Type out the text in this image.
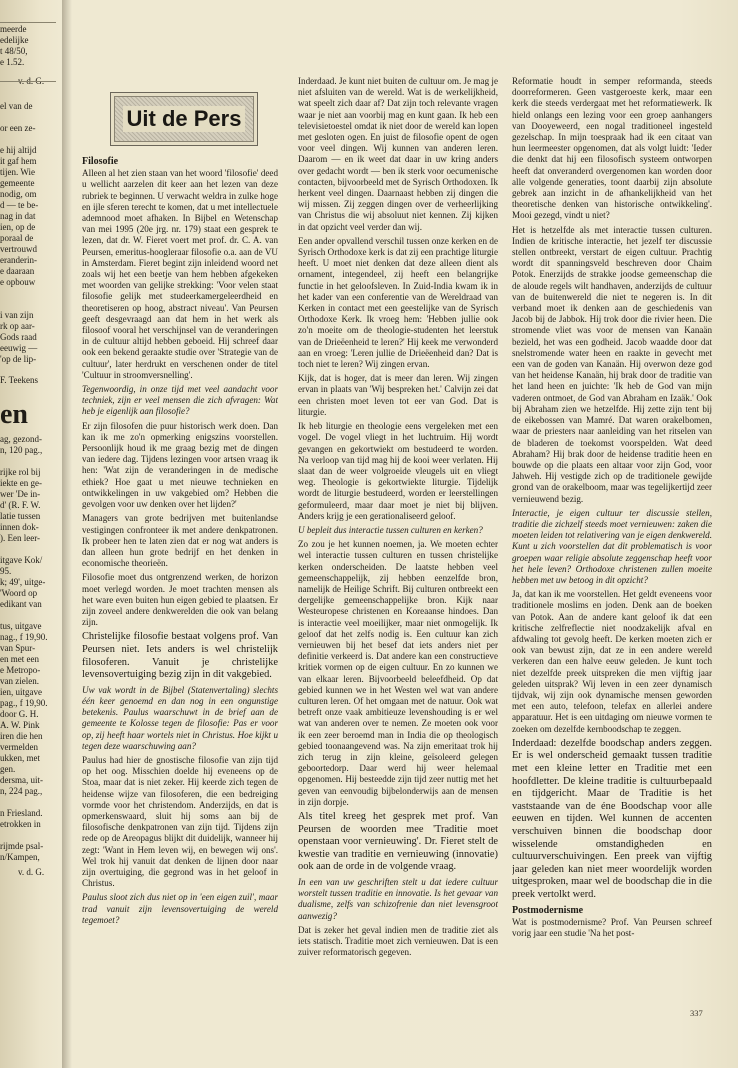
meerde
edelijke
t 48/50,
e 1.52.
v. d. G.
el van de
or een ze-
e hij altijd
it gaf hem
tijen. Wie
gemeente
nodig, om
d — te be-
nag in dat
ien, op de
poraal de
vertrouwd
eranderin-
e daaraan
e opbouw
i van zijn
rk op aar-
Gods raad
eeuwig —
'op de lip-
F. Teekens
en
ag, gezond-
n, 120 pag.,
rijke rol bij
iekte en ge-
wer 'De in-
d' (R. F. W.
latie tussen
innen dok-
). Een leer-
itgave Kok/
95.
k; 49', uitge-
'Woord op
edikant van
tus, uitgave
nag., f 19,90.
van Spur-
en met een
e Metropo-
van zielen.
ien, uitgave
pag., f 19,90.
door G. H.
A. W. Pink
iren die hen
vermelden
ukken, met
gen.
dersma, uit-
n, 224 pag.,
n Friesland.
etrokken in
rijmde psal-
n/Kampen,
v. d. G.
Uit de Pers
Filosofie

Alleen al het zien staan van het woord 'filosofie' deed u wellicht aarzelen dit keer aan het lezen van deze rubriek te beginnen. U verwacht weldra in zulke hoge en ijle sferen terecht te komen, dat u met intellectuele ademnood moet afhaken. In Bijbel en Wetenschap van mei 1995 (20e jrg. nr. 179) staat een gesprek te lezen, dat dr. W. Fieret voert met prof. dr. C. A. van Peursen, emeritus-hoogleraar filosofie o.a. aan de VU in Amsterdam. Fieret begint zijn inleidend woord net zoals wij het een beetje van hem hebben afgekeken met woorden van gelijke strekking: 'Voor velen staat filosofie gelijk met studeerkamergeleerdheid en theoretiseren op hoog, abstract niveau'. Van Peursen geeft desgevraagd aan dat hem in het werk als filosoof vooral het verschijnsel van de veranderingen in de cultuur altijd hebben geboeid. Hij schreef daar ook een bekend geraakte studie over 'Strategie van de cultuur', later herdrukt en verschenen onder de titel 'Cultuur in stroomversnelling'.

Tegenwoordig, in onze tijd met veel aandacht voor techniek, zijn er veel mensen die zich afvragen: Wat heb je eigenlijk aan filosofie?

Er zijn filosofen die puur historisch werk doen. Dan kan ik me zo'n opmerking enigszins voorstellen. Persoonlijk houd ik me graag bezig met de dingen van iedere dag. Tijdens lezingen voor artsen vraag ik hen: 'Wat zijn de veranderingen in de medische ethiek? Hoe gaat u met nieuwe technieken en ontwikkelingen in uw vakgebied om? Hebben die gevolgen voor uw denken over het lijden?'

Managers van grote bedrijven met buitenlandse vestigingen confronteer ik met andere denkpatronen. Ik probeer hen te laten zien dat er nog wat anders is dan alleen hun grote bedrijf en het denken in economische theorieën.

Filosofie moet dus ontgrenzend werken, de horizon moet verlegd worden. Je moet trachten mensen als het ware even buiten hun eigen gebied te plaatsen. Er zijn zoveel andere denkwerelden die ook van belang zijn.

Christelijke filosofie bestaat volgens prof. Van Peursen niet. Iets anders is wel christelijk filosoferen. Vanuit je christelijke levensovertuiging bezig zijn in dit vakgebied.

Uw vak wordt in de Bijbel (Statenvertaling) slechts één keer genoemd en dan nog in een ongunstige betekenis. Paulus waarschuwt in de brief aan de gemeente te Kolosse tegen de filosofie: Pas er voor op, zij heeft haar wortels niet in Christus. Hoe kijkt u tegen deze waarschuwing aan?

Paulus had hier de gnostische filosofie van zijn tijd op het oog. Misschien doelde hij eveneens op de Stoa, maar dat is niet zeker. Hij keerde zich tegen de heidense wijze van filosoferen, die een bedreiging vormde voor het christendom. Anderzijds, en dat is opmerkenswaard, sluit hij soms aan bij de filosofische denkpatronen van zijn tijd. Tijdens zijn rede op de Areopagus blijkt dit duidelijk, wanneer hij zegt: 'Want in Hem leven wij, en bewegen wij ons'. Wel trok hij vanuit dat denken de lijnen door naar zijn overtuiging, die gegrond was in het geloof in Christus.

Paulus sloot zich dus niet op in 'een eigen zuil', maar trad vanuit zijn levensovertuiging de wereld tegemoet?

Inderdaad. Je kunt niet buiten de cultuur om. Je mag je niet afsluiten van de wereld. Wat is de werkelijkheid, wat speelt zich daar af? Dat zijn toch relevante vragen waar je niet aan voorbij mag en kunt gaan. Ik heb een televisietoestel omdat ik niet door de wereld kan lopen met gesloten ogen. En juist de filosofie opent de ogen voor veel dingen. Wij kunnen van anderen leren. Daarom — en ik weet dat daar in uw kring anders over gedacht wordt — ben ik sterk voor oecumenische contacten, bijvoorbeeld met de Syrisch Orthodoxen. Ik herkent veel dingen. Daarnaast hebben zij dingen die wij missen. Zij zeggen dingen over de verheerlijking van Christus die wij absoluut niet kennen. Zij kijken in dat opzicht veel verder dan wij.

Een ander opvallend verschil tussen onze kerken en de Syrisch Orthodoxe kerk is dat zij een prachtige liturgie heeft. U moet niet denken dat deze alleen dient als ornament, integendeel, zij heeft een belangrijke functie in het geloofsleven. In Zuid-India kwam ik in het kader van een conferentie van de Wereldraad van Kerken in contact met een geestelijke van de Syrisch Orthodoxe Kerk. Ik vroeg hem: 'Hebben jullie ook zo'n moeite om de theologie-studenten het leerstuk van de Drieëenheid te leren?' Hij keek me verwonderd aan en vroeg: 'Leren jullie de Drieëenheid dan? Dat is toch niet te leren? Wij zingen ervan.

Kijk, dat is hoger, dat is meer dan leren. Wij zingen ervan in plaats van 'Wij bespreken het.' Calvijn zei dat een christen moet leven tot eer van God. Dat is liturgie.

Ik heb liturgie en theologie eens vergeleken met een vogel. De vogel vliegt in het luchtruim. Hij wordt gevangen en gekortwiekt om bestudeerd te worden. Na verloop van tijd mag hij de kooi weer verlaten. Hij slaat dan de weer volgroeide vleugels uit en vliegt weg. Theologie is gekortwiekte liturgie. Tijdelijk wordt de liturgie bestudeerd, worden er leerstellingen geformuleerd, maar daar moet je niet bij blijven. Anders krijg je een gerationaliseerd geloof.

U bepleit dus interactie tussen culturen en kerken?

Zo zou je het kunnen noemen, ja. We moeten echter wel interactie tussen culturen en tussen christelijke kerken onderscheiden. De laatste hebben veel gemeenschappelijk, zij hebben eenzelfde bron, namelijk de Heilige Schrift. Bij culturen ontbreekt een dergelijke gemeenschappelijke bron. Kijk naar Westeuropese christenen en Koreaanse hindoes. Dan is interactie veel moeilijker, maar niet onmogelijk. Ik geloof dat het zelfs nodig is. Een cultuur kan zich vernieuwen bij het besef dat iets anders niet per definitie verkeerd is. Dat andere kan een constructieve kritiek vormen op de eigen cultuur. En zo kunnen we van elkaar leren. Bijvoorbeeld beleefdheid. Op dat gebied kunnen we in het Westen wel wat van andere culturen leren. Of het omgaan met de natuur. Ook wat betreft onze vaak ambitieuze levenshouding is er wel wat van anderen over te nemen. Ze moeten ook voor ik een zeer beroemd man in India die op theologisch gebied toonaangevend was. Na zijn emeritaat trok hij zich terug in zijn kleine, geïsoleerd gelegen geboortedorp. Daar werd hij weer helemaal opgenomen. Hij besteedde zijn tijd zeer nuttig met het geven van eenvoudig bijbelonderwijs aan de mensen in zijn dorpje.

Als titel kreeg het gesprek met prof. Van Peursen de woorden mee 'Traditie moet openstaan voor vernieuwing'. Dr. Fieret stelt de kwestie van traditie en vernieuwing (innovatie) ook aan de orde in de volgende vraag.

In een van uw geschriften stelt u dat iedere cultuur worstelt tussen traditie en innovatie. Is het gevaar van dualisme, zelfs van schizofrenie dan niet levensgroot aanwezig?

Dat is zeker het geval indien men de traditie ziet als iets statisch. Traditie moet zich vernieuwen. Dat is een zuiver reformatorisch gegeven.

Reformatie houdt in semper reformanda, steeds doorreformeren. Geen vastgeroeste kerk, maar een kerk die steeds verdergaat met het reformatiewerk. Ik hield onlangs een lezing voor een groep aanhangers van Dooyeweerd, een nogal traditioneel ingesteld gezelschap. In mijn toespraak had ik een citaat van hun leermeester opgenomen, dat als volgt luidt: 'Ieder die denkt dat hij een filosofisch systeem ontworpen heeft dat onveranderd overgenomen kan worden door alle volgende generaties, toont daarbij zijn absolute gebrek aan inzicht in de afhankelijkheid van het theoretische denken van historische ontwikkeling'. Mooi gezegd, vindt u niet?

Het is hetzelfde als met interactie tussen culturen. Indien de kritische interactie, het jezelf ter discussie stellen ontbreekt, verstart de eigen cultuur. Prachtig wordt dit spanningsveld beschreven door Chaim Potok. Enerzijds de strakke joodse gemeenschap die de aloude regels wilt handhaven, anderzijds de cultuur van de buitenwereld die niet te negeren is. In dit verband moet ik denken aan de geschiedenis van Jacob bij de Jabbok. Hij trok door die rivier heen. Die stromende vliet was voor de mensen van Kanaän bezield, het was een godheid. Jacob waadde door dat snelstromende water heen en raakte in gevecht met een van de goden van Kanaän. Hij overwon deze god van het heidense Kanaän, hij brak door de traditie van het land heen en juichte: 'Ik heb de God van mijn vaderen ontmoet, de God van Abraham en Izaäk.' Ook bij Abraham zien we hetzelfde. Hij zette zijn tent bij de eikebossen van Mamré. Dat waren orakelbomen, waar de priesters naar aanleiding van het ritselen van de bladeren de toekomst voorspelden. Wat deed Abraham? Hij brak door de heidense traditie heen en bouwde op die plaats een altaar voor zijn God, voor Jahweh. Hij vestigde zich op de traditionele gewijde grond van de orakelboom, maar was tegelijkertijd zeer vernieuwend bezig.

Interactie, je eigen cultuur ter discussie stellen, traditie die zichzelf steeds moet vernieuwen: zaken die moeten leiden tot relativering van je eigen denkwereld. Kunt u zich voorstellen dat dit problematisch is voor groepen waar religie absolute zeggenschap heeft voor het hele leven? Orthodoxe christenen zullen moeite hebben met uw betoog in dit opzicht?

Ja, dat kan ik me voorstellen. Het geldt eveneens voor traditionele moslims en joden. Denk aan de boeken van Potok. Aan de andere kant geloof ik dat een kritische zelfreflectie niet noodzakelijk afval en afdwaling tot gevolg heeft. De kerken moeten zich er ook van bewust zijn, dat ze in een andere wereld verkeren dan een halve eeuw geleden. Je kunt toch niet dezelfde preek uitspreken die men vijftig jaar geleden uitsprak? Wij leven in een zeer dynamisch tijdvak, wij zijn ook dynamische mensen geworden met een auto, telefoon, telefax en allerlei andere apparatuur. Het is een uitdaging om nieuwe vormen te zoeken om dezelfde kernboodschap te zeggen.

Inderdaad: dezelfde boodschap anders zeggen. Er is wel onderscheid gemaakt tussen traditie met een kleine letter en Traditie met een hoofdletter. De kleine traditie is cultuurbepaald en tijdgericht. Maar de Traditie is het vaststaande van de éne Boodschap voor alle eeuwen en tijden. Wel kunnen de accenten verschuiven binnen die boodschap door wisselende omstandigheden en cultuurverschuivingen. Een preek van vijftig jaar geleden kan niet meer woordelijk worden uitgesproken, maar wel de boodschap die in die preek vertolkt werd.

Postmodernisme

Wat is postmodernisme? Prof. Van Peursen schreef vorig jaar een studie 'Na het post-

337
